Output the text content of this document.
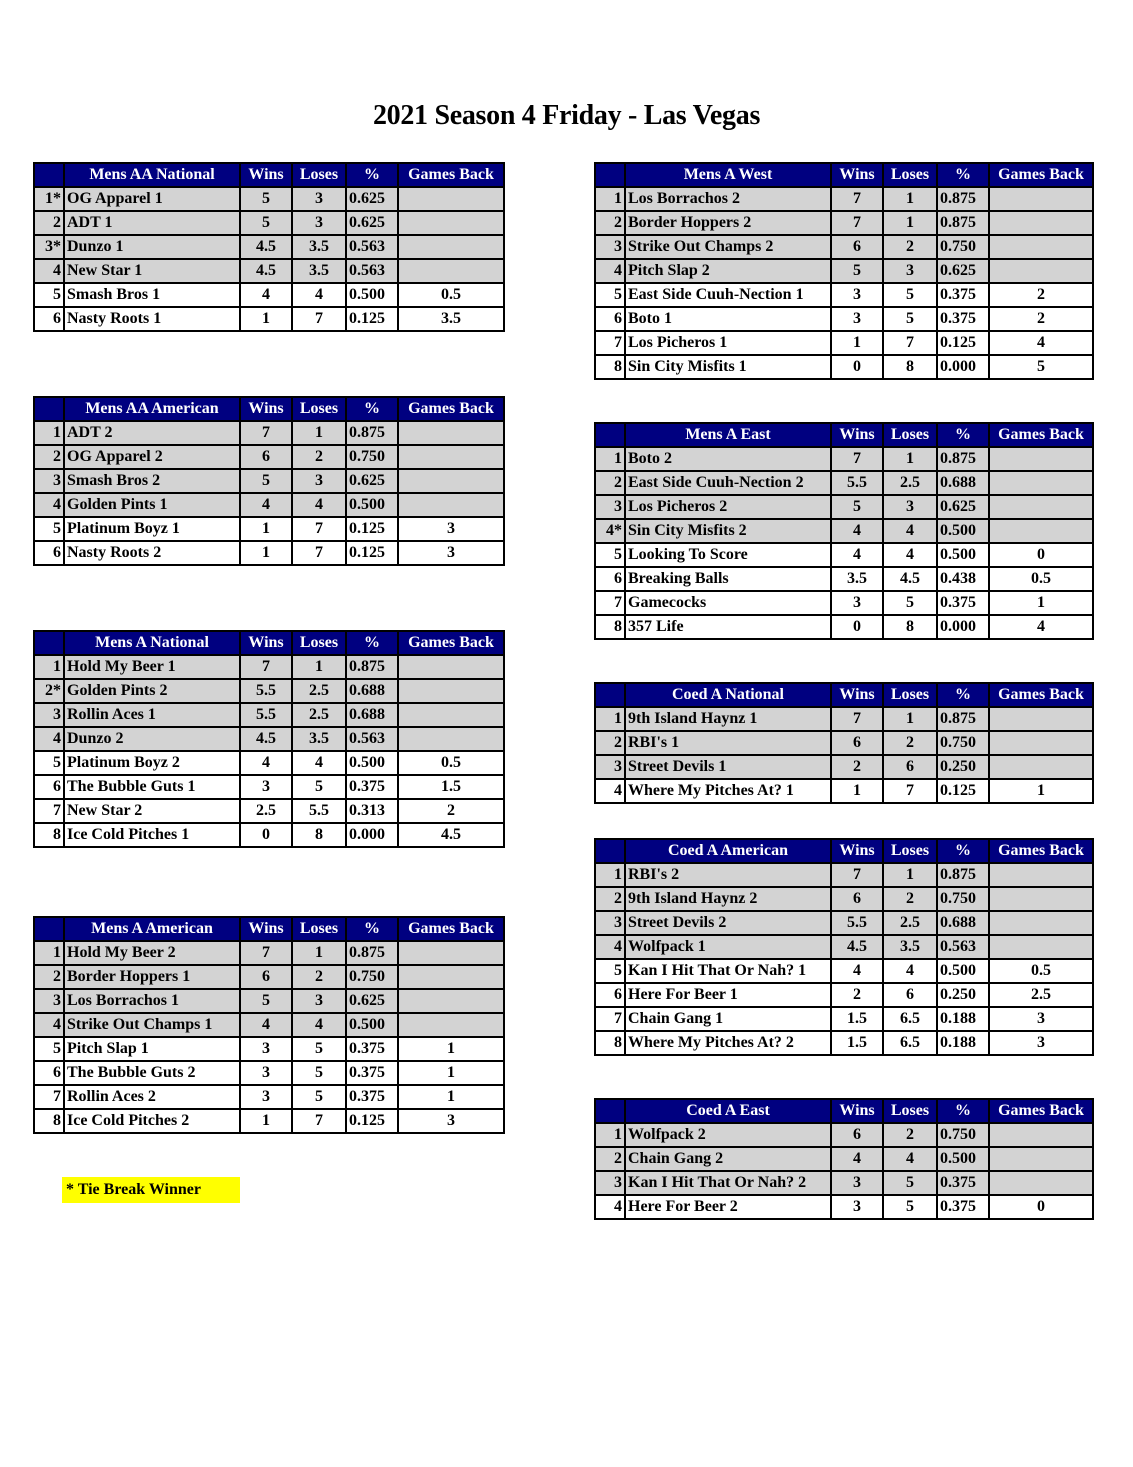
2021 Season 4 Friday - Las Vegas
	Mens AA National	Wins	Loses	%	Games Back
1*	OG Apparel 1	5	3	0.625	
2	ADT 1	5	3	0.625	
3*	Dunzo 1	4.5	3.5	0.563	
4	New Star 1	4.5	3.5	0.563	
5	Smash Bros 1	4	4	0.500	0.5
6	Nasty Roots 1	1	7	0.125	3.5
	Mens AA American	Wins	Loses	%	Games Back
1	ADT 2	7	1	0.875	
2	OG Apparel 2	6	2	0.750	
3	Smash Bros 2	5	3	0.625	
4	Golden Pints 1	4	4	0.500	
5	Platinum Boyz 1	1	7	0.125	3
6	Nasty Roots 2	1	7	0.125	3
	Mens A National	Wins	Loses	%	Games Back
1	Hold My Beer 1	7	1	0.875	
2*	Golden Pints 2	5.5	2.5	0.688	
3	Rollin Aces 1	5.5	2.5	0.688	
4	Dunzo 2	4.5	3.5	0.563	
5	Platinum Boyz 2	4	4	0.500	0.5
6	The Bubble Guts 1	3	5	0.375	1.5
7	New Star 2	2.5	5.5	0.313	2
8	Ice Cold Pitches 1	0	8	0.000	4.5
	Mens A American	Wins	Loses	%	Games Back
1	Hold My Beer 2	7	1	0.875	
2	Border Hoppers 1	6	2	0.750	
3	Los Borrachos 1	5	3	0.625	
4	Strike Out Champs 1	4	4	0.500	
5	Pitch Slap 1	3	5	0.375	1
6	The Bubble Guts 2	3	5	0.375	1
7	Rollin Aces 2	3	5	0.375	1
8	Ice Cold Pitches 2	1	7	0.125	3
	Mens A West	Wins	Loses	%	Games Back
1	Los Borrachos 2	7	1	0.875	
2	Border Hoppers 2	7	1	0.875	
3	Strike Out Champs 2	6	2	0.750	
4	Pitch Slap 2	5	3	0.625	
5	East Side Cuuh-Nection 1	3	5	0.375	2
6	Boto 1	3	5	0.375	2
7	Los Picheros 1	1	7	0.125	4
8	Sin City Misfits 1	0	8	0.000	5
	Mens A East	Wins	Loses	%	Games Back
1	Boto 2	7	1	0.875	
2	East Side Cuuh-Nection 2	5.5	2.5	0.688	
3	Los Picheros 2	5	3	0.625	
4*	Sin City Misfits 2	4	4	0.500	
5	Looking To Score	4	4	0.500	0
6	Breaking Balls	3.5	4.5	0.438	0.5
7	Gamecocks	3	5	0.375	1
8	357 Life	0	8	0.000	4
	Coed A National	Wins	Loses	%	Games Back
1	9th Island Haynz 1	7	1	0.875	
2	RBI's 1	6	2	0.750	
3	Street Devils 1	2	6	0.250	
4	Where My Pitches At? 1	1	7	0.125	1
	Coed A American	Wins	Loses	%	Games Back
1	RBI's 2	7	1	0.875	
2	9th Island Haynz 2	6	2	0.750	
3	Street Devils 2	5.5	2.5	0.688	
4	Wolfpack 1	4.5	3.5	0.563	
5	Kan I Hit That Or Nah? 1	4	4	0.500	0.5
6	Here For Beer 1	2	6	0.250	2.5
7	Chain Gang 1	1.5	6.5	0.188	3
8	Where My Pitches At? 2	1.5	6.5	0.188	3
	Coed A East	Wins	Loses	%	Games Back
1	Wolfpack 2	6	2	0.750	
2	Chain Gang 2	4	4	0.500	
3	Kan I Hit That Or Nah? 2	3	5	0.375	
4	Here For Beer 2	3	5	0.375	0
* Tie Break Winner
